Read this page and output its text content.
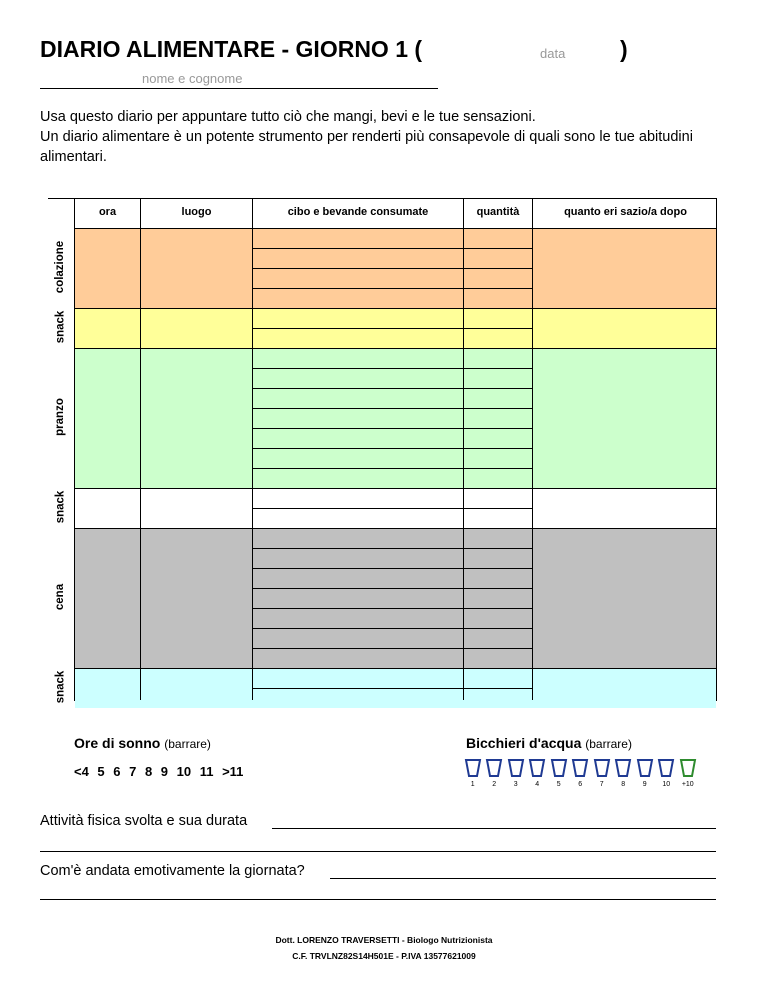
DIARIO ALIMENTARE - GIORNO 1 (	data )
nome e cognome

Usa questo diario per appuntare tutto ciò che mangi, bevi e le tue sensazioni.

Un diario alimentare è un potente strumento per renderti più consapevole di quali sono le tue abitudini alimentari.

colazione
snack
pranzo
snack
cena
snack
ora	luogo	cibo e bevande consumate	quantità	quanto eri sazio/a dopo
Ore di sonno (barrare)
<4 5 6 7 8 9 10 11 >11
Bicchieri d'acqua (barrare)
1	2	3	4	5	6	7	8	9 10 +10
Attività fisica svolta e sua durata
Com'è andata emotivamente la giornata?
Dott. LORENZO TRAVERSETTI - Biologo Nutrizionista
C.F. TRVLNZ82S14H501E - P.IVA 13577621009
